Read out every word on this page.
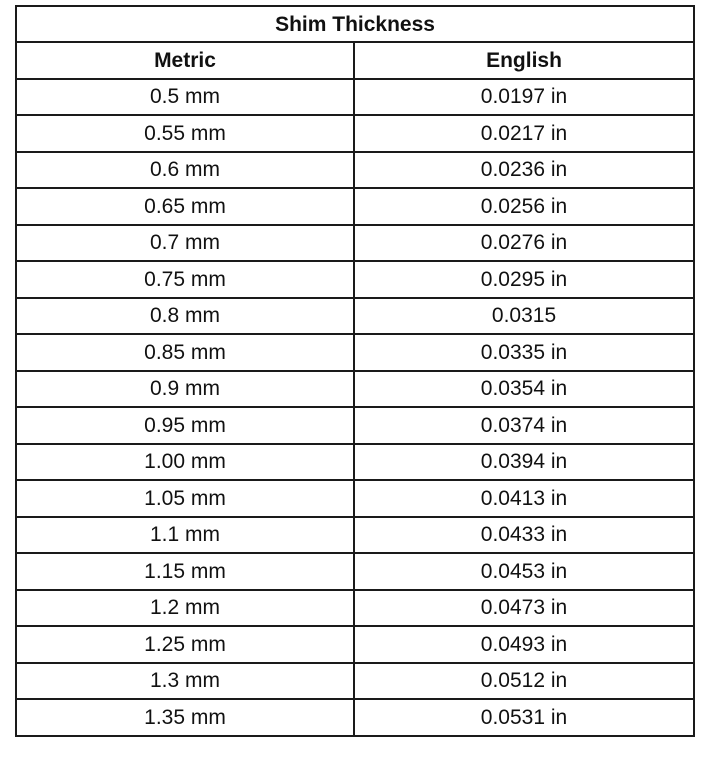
Shim Thickness	
Metric	English
0.5 mm	0.0197 in
0.55 mm	0.0217 in
0.6 mm	0.0236 in
0.65 mm	0.0256 in
0.7 mm	0.0276 in
0.75 mm	0.0295 in
0.8 mm	0.0315
0.85 mm	0.0335 in
0.9 mm	0.0354 in
0.95 mm	0.0374 in
1.00 mm	0.0394 in
1.05 mm	0.0413 in
1.1 mm	0.0433 in
1.15 mm	0.0453 in
1.2 mm	0.0473 in
1.25 mm	0.0493 in
1.3 mm	0.0512 in
1.35 mm	0.0531 in
